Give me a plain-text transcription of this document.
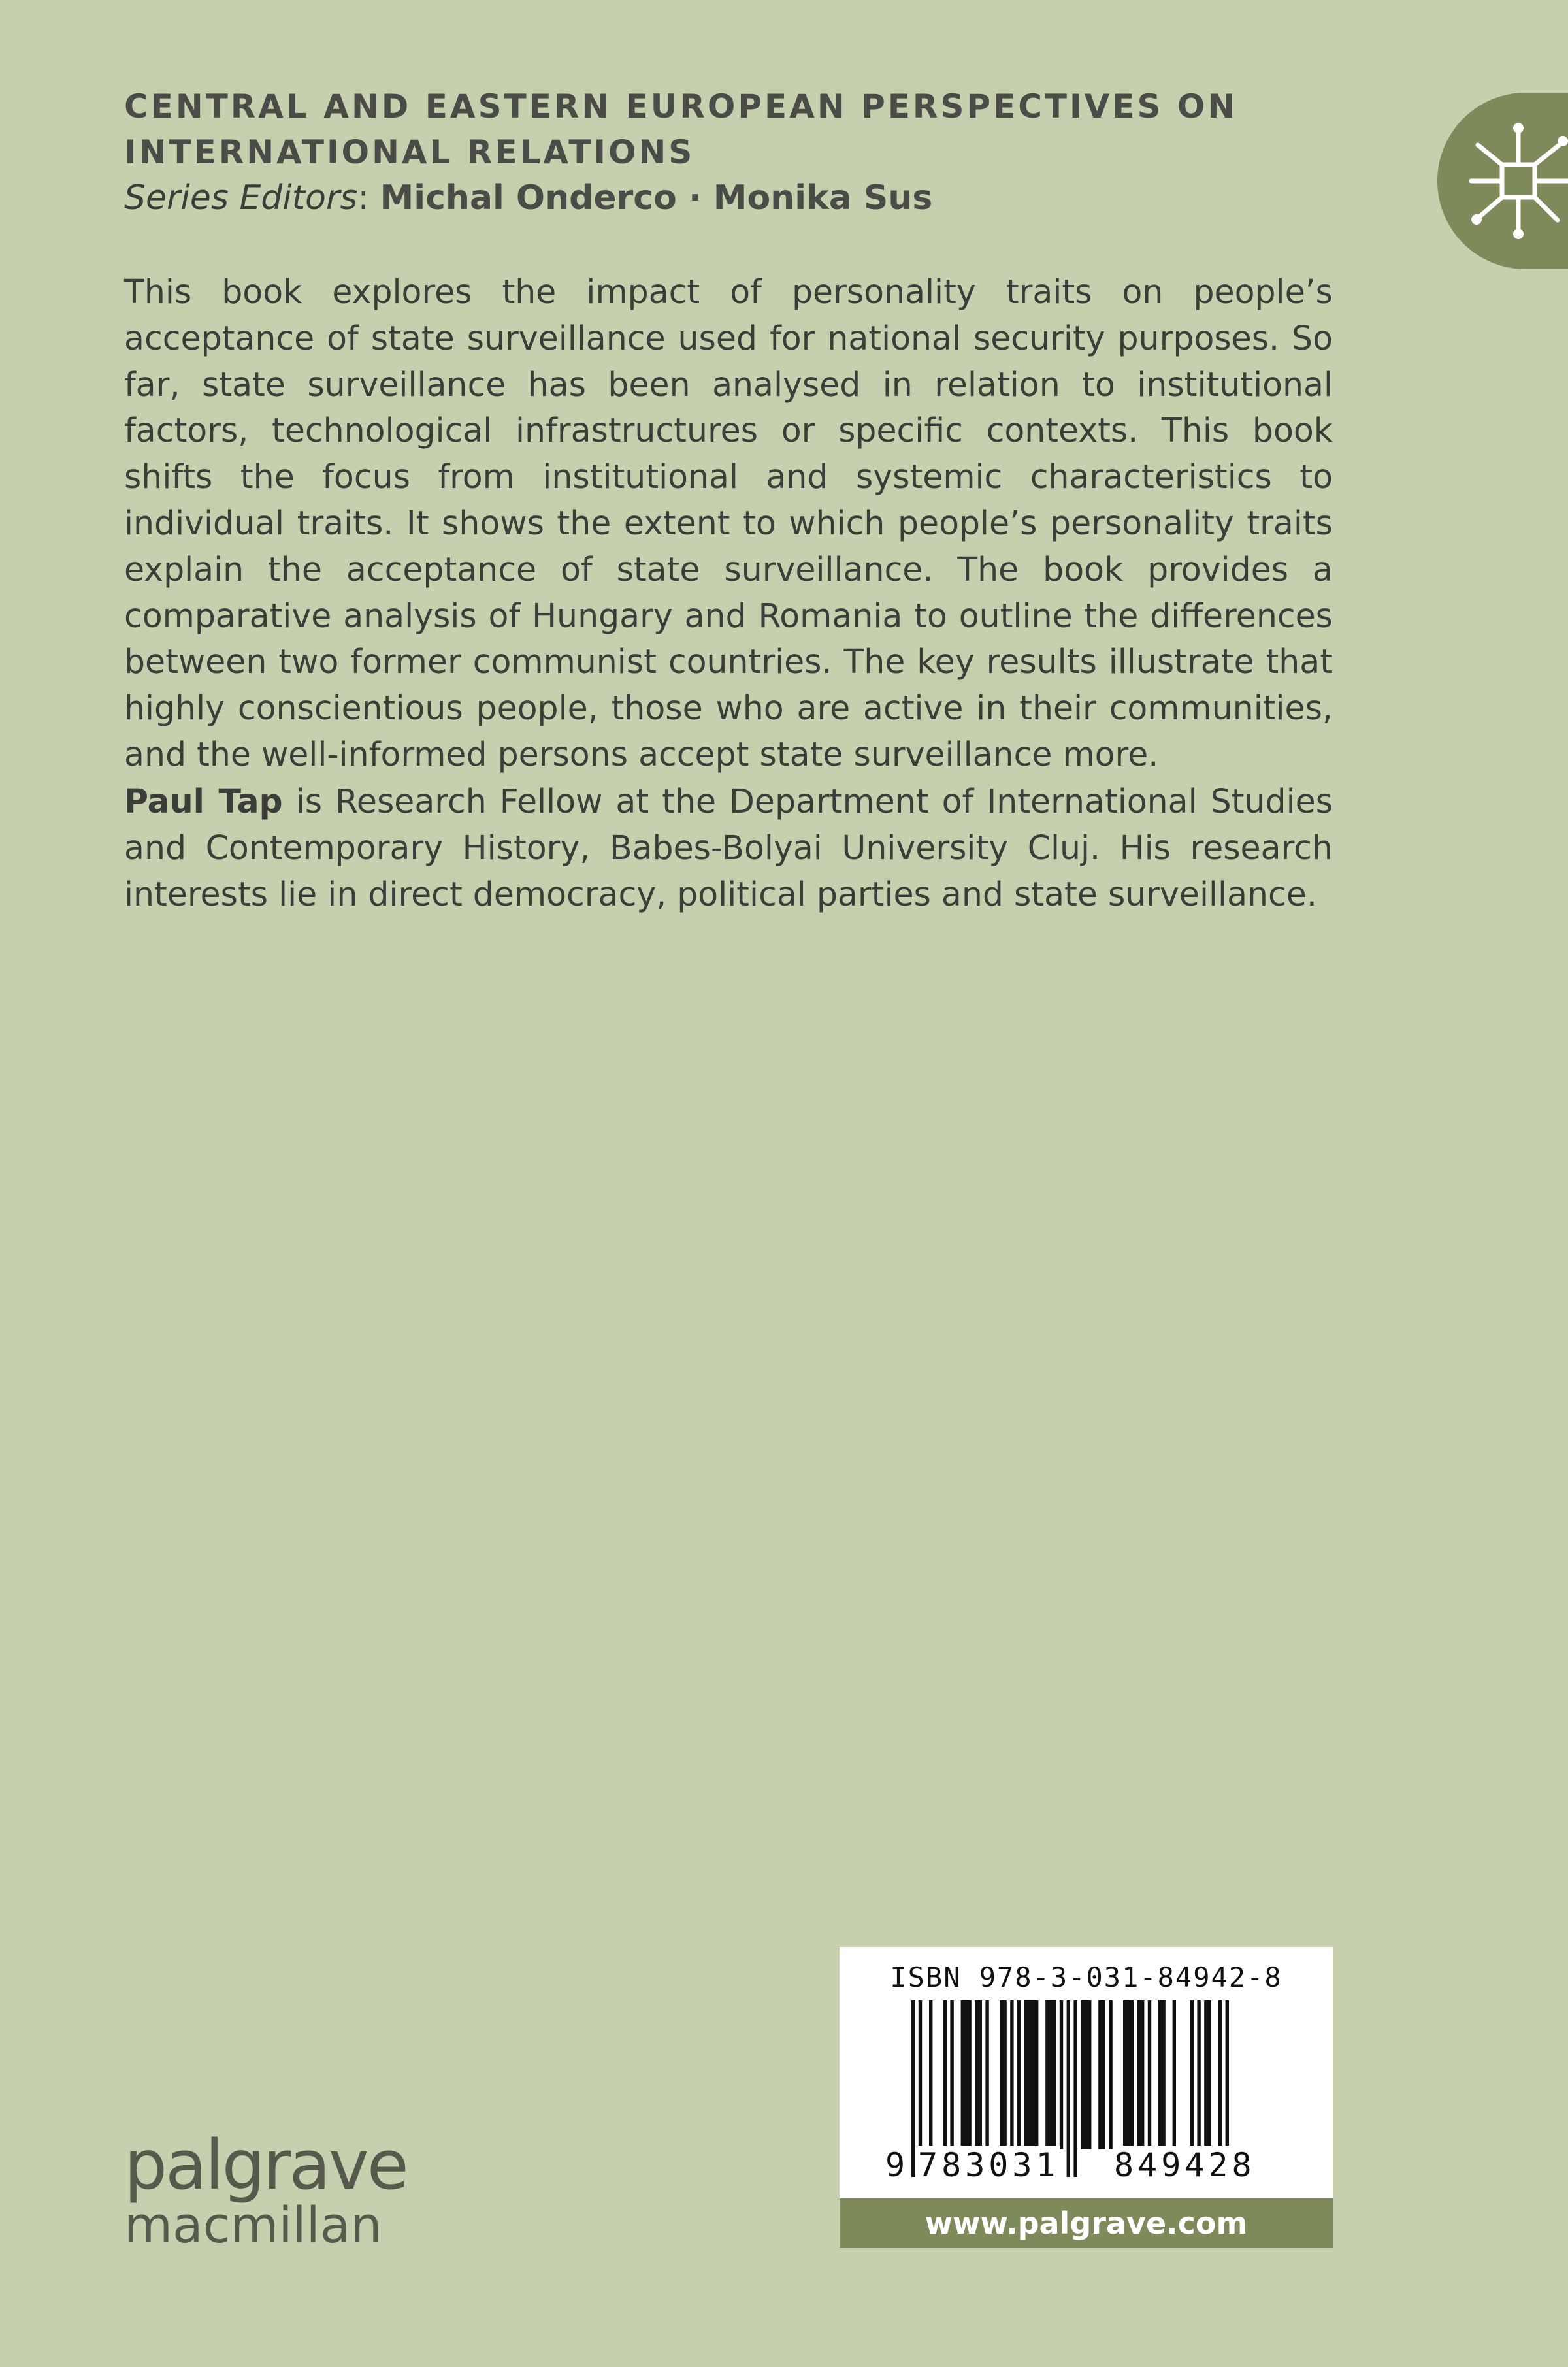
CENTRAL AND EASTERN EUROPEAN PERSPECTIVES ON

INTERNATIONAL RELATIONS

Series Editors: Michal Onderco · Monika Sus

This book explores the impact of personality traits on people’s acceptance of state surveillance used for national security purposes. So far, state surveillance has been analysed in relation to institutional factors, technological infrastructures or specific contexts. This book shifts the focus from institutional and systemic characteristics to individual traits. It shows the extent to which people’s personality traits explain the acceptance of state surveillance. The book provides a comparative analysis of Hungary and Romania to outline the differences between two former communist countries. The key results illustrate that highly conscientious people, those who are active in their communities, and the well-informed persons accept state surveillance more.

Paul Tap is Research Fellow at the Department of International Studies and Contemporary History, Babes-Bolyai University Cluj. His research interests lie in direct democracy, political parties and state surveillance.

palgrave
macmillan
ISBN 978-3-031-84942-8
9 783031 849428
www.palgrave.com
